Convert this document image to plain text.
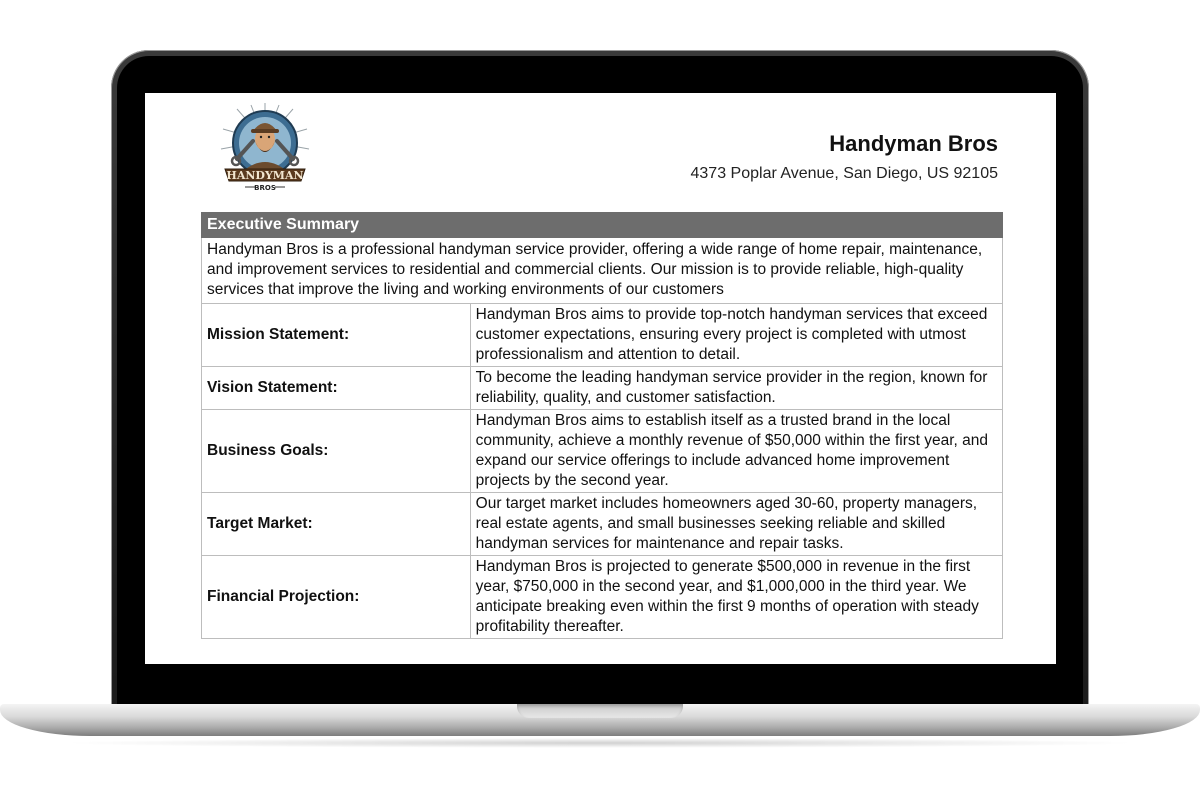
HANDYMAN
BROS
Handyman Bros
4373 Poplar Avenue, San Diego, US 92105
Executive Summary	
Handyman Bros is a professional handyman service provider, offering a wide range of home repair, maintenance, and improvement services to residential and commercial clients. Our mission is to provide reliable, high-quality services that improve the living and working environments of our customers	
Mission Statement:	Handyman Bros aims to provide top-notch handyman services that exceed customer expectations, ensuring every project is completed with utmost professionalism and attention to detail.
Vision Statement:	To become the leading handyman service provider in the region, known for reliability, quality, and customer satisfaction.
Business Goals:	Handyman Bros aims to establish itself as a trusted brand in the local community, achieve a monthly revenue of $50,000 within the first year, and expand our service offerings to include advanced home improvement projects by the second year.
Target Market:	Our target market includes homeowners aged 30-60, property managers, real estate agents, and small businesses seeking reliable and skilled handyman services for maintenance and repair tasks.
Financial Projection:	Handyman Bros is projected to generate $500,000 in revenue in the first year, $750,000 in the second year, and $1,000,000 in the third year. We anticipate breaking even within the first 9 months of operation with steady profitability thereafter.
